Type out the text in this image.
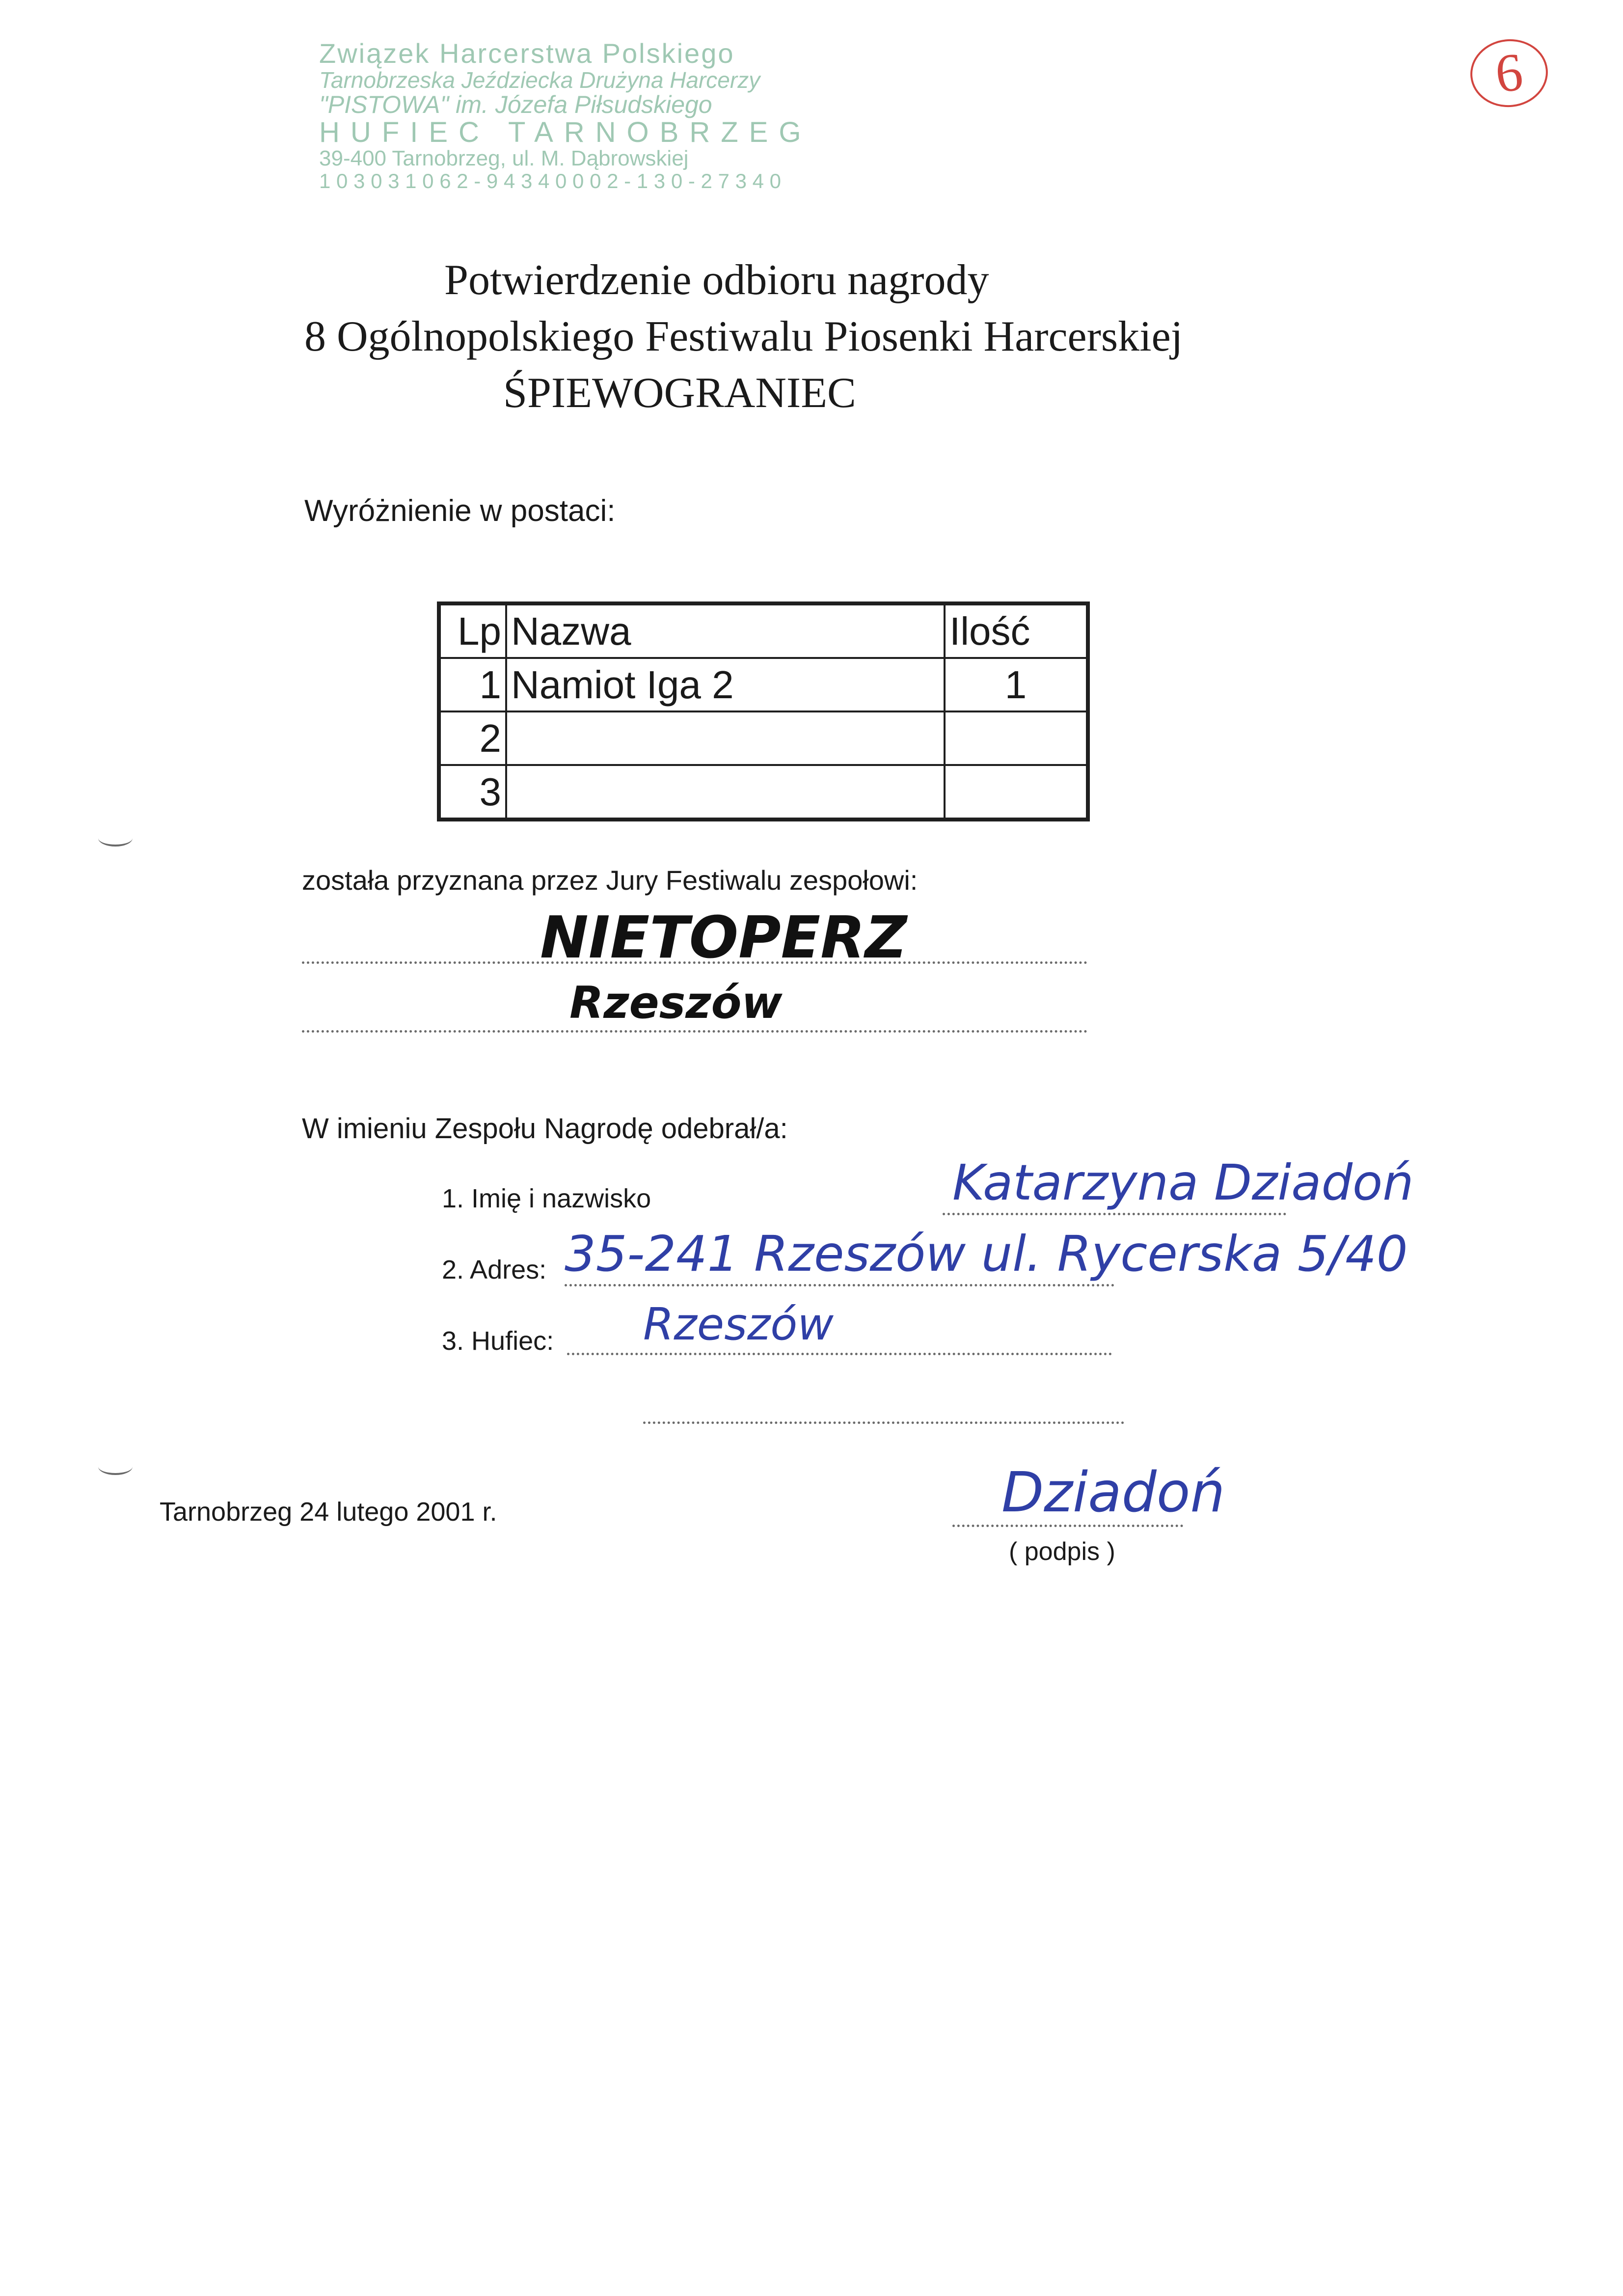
Związek Harcerstwa Polskiego
Tarnobrzeska Jeździecka Drużyna Harcerzy
"PISTOWA" im. Józefa Piłsudskiego
HUFIEC TARNOBRZEG
39-400 Tarnobrzeg, ul. M. Dąbrowskiej
1 0 3 0 3 1 0 6 2 - 9 4 3 4 0 0 0 2 - 1 3 0 - 2 7 3 4 0
6
Potwierdzenie odbioru nagrody
8 Ogólnopolskiego Festiwalu Piosenki Harcerskiej
ŚPIEWOGRANIEC
Wyróżnienie w postaci:
Lp	Nazwa	Ilość
1	Namiot Iga 2	1
2		
3		
została przyznana przez Jury Festiwalu zespołowi:
NIETOPERZ
Rzeszów
W imieniu Zespołu Nagrodę odebrał/a:
1. Imię i nazwisko	Katarzyna Dziadoń
2. Adres: 35-241 Rzeszów ul. Rycerska 5/40
3. Hufiec: Rzeszów
Tarnobrzeg 24 lutego 2001 r.	Dziadoń
( podpis )
